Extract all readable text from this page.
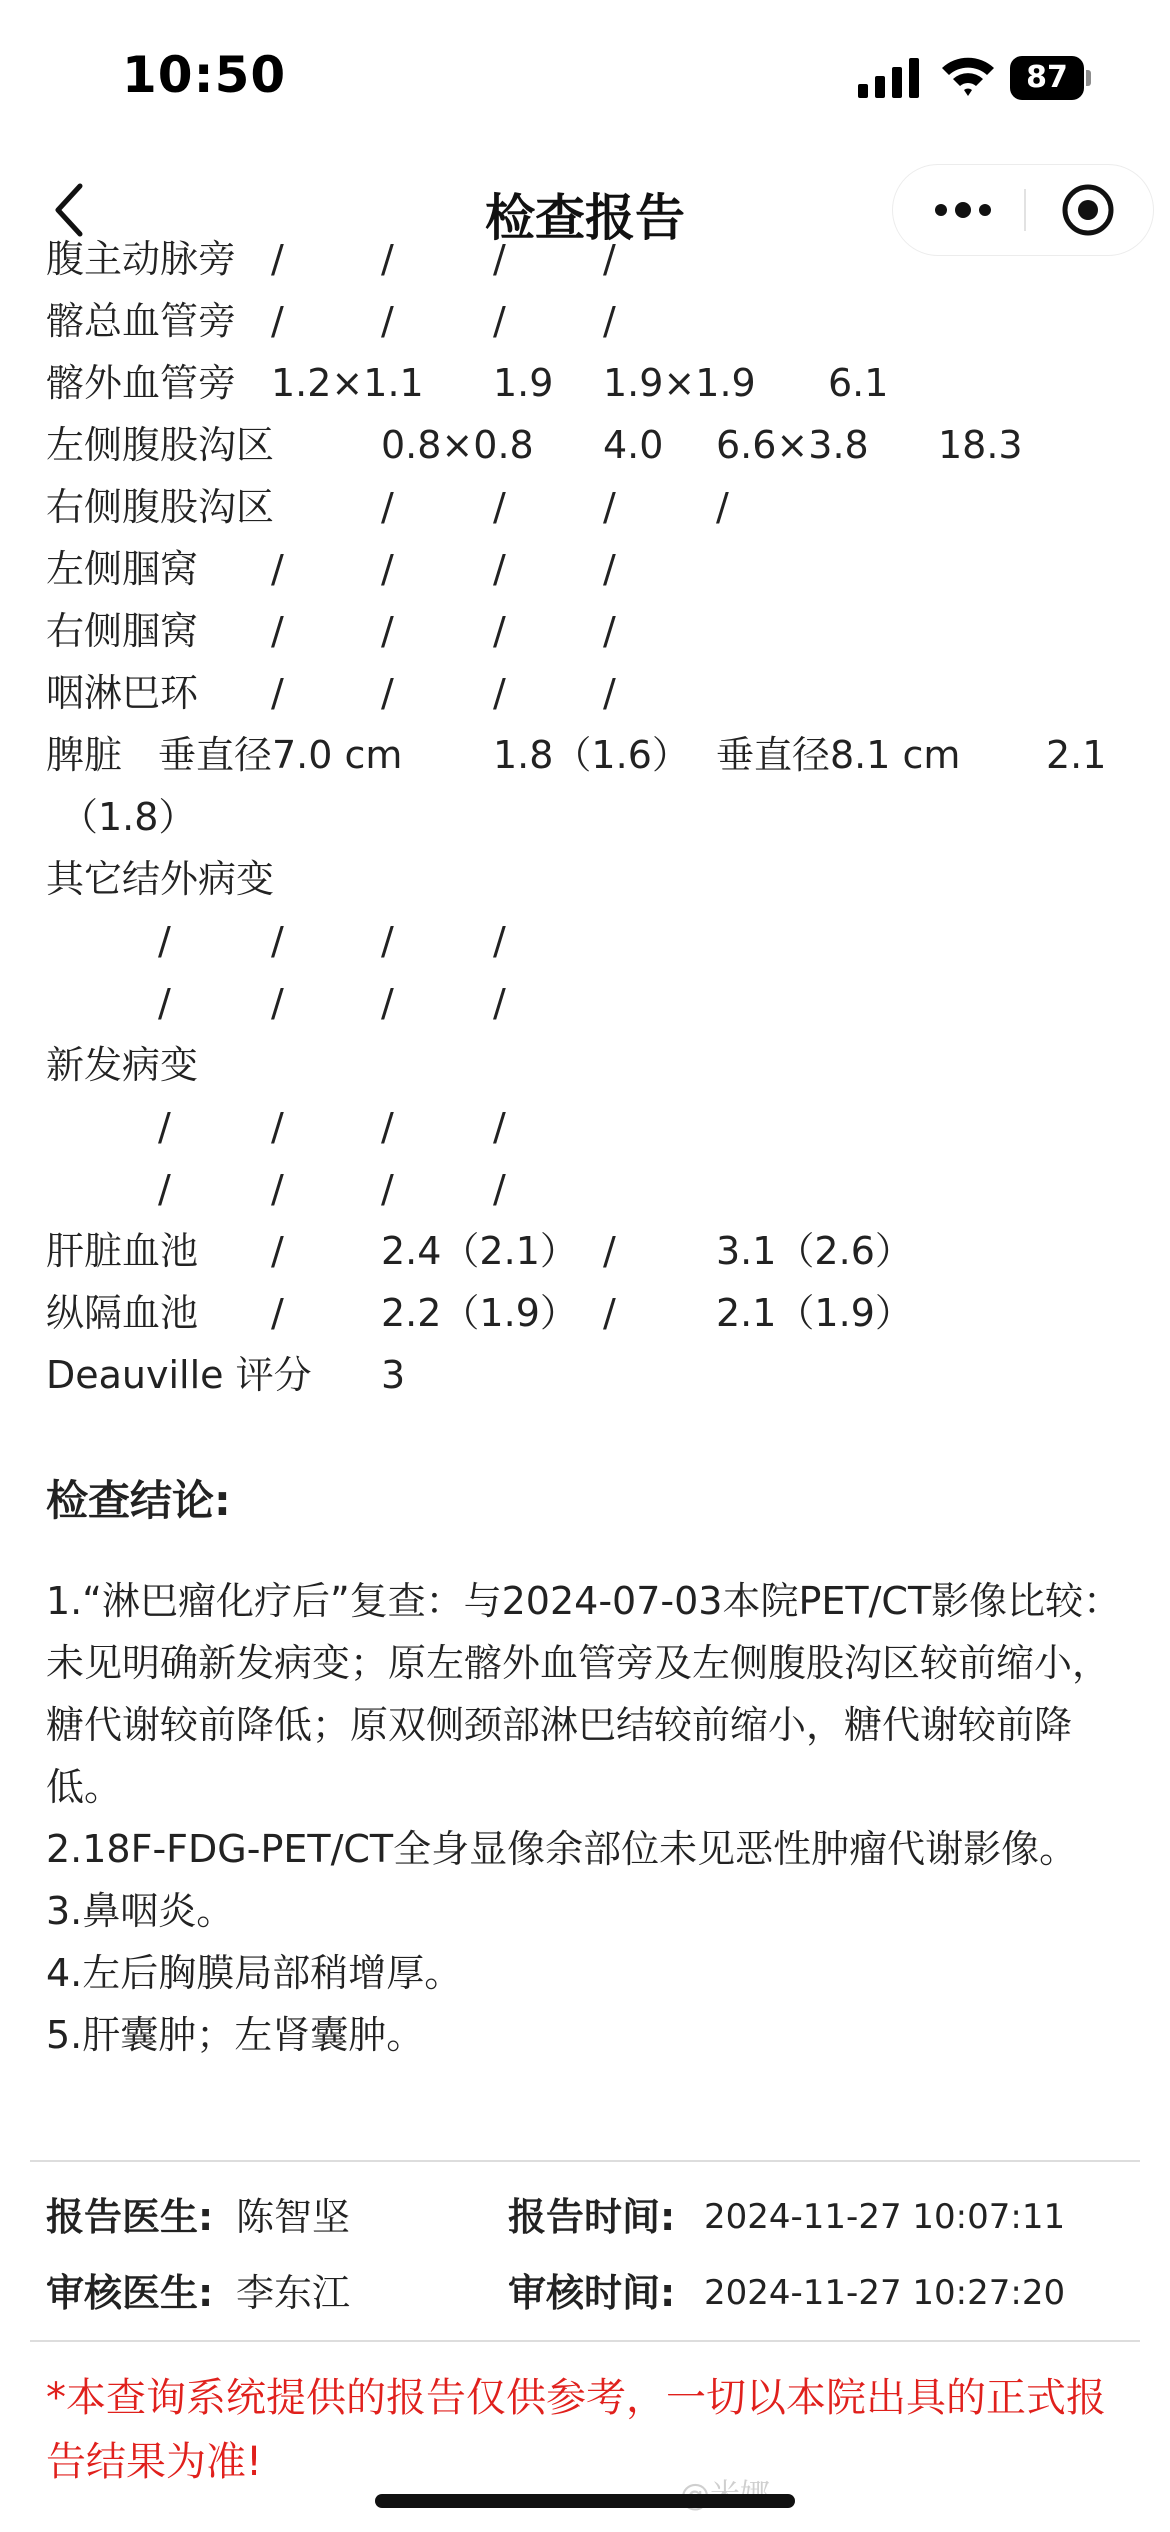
10:50	87
检查报告
腹主动脉旁 /	/	/	/
髂总血管旁 /	/	/	/
髂外血管旁 1.2×1.1 1.9 1.9×1.9 6.1
左侧腹股沟区	0.8×0.8 4.0 6.6×3.8 18.3
右侧腹股沟区	/	/	/	/
左侧腘窝 /	/	/	/
右侧腘窝 /	/	/	/
咽淋巴环 /	/	/	/
脾脏 垂直径7.0 cm 1.8（1.6） 垂直径8.1 cm 2.1
（1.8）
其它结外病变
/	/	/	/
/	/	/	/
新发病变
/	/	/	/
/	/	/	/
肝脏血池 /	2.4（2.1） /	3.1（2.6）
纵隔血池 /	2.2（1.9） /	2.1（1.9）
Deauville 评分 3
检查结论:

1.“淋巴瘤化疗后”复查：与2024-07-03本院PET/CT影像比较：未见明确新发病变；原左髂外血管旁及左侧腹股沟区较前缩小，糖代谢较前降低；原双侧颈部淋巴结较前缩小，糖代谢较前降低。

2.18F-FDG-PET/CT全身显像余部位未见恶性肿瘤代谢影像。

3.鼻咽炎。

4.左后胸膜局部稍增厚。

5.肝囊肿；左肾囊肿。

报告医生: 陈智坚	报告时间: 2024-11-27 10:07:11
审核医生: 李东江	审核时间: 2024-11-27 10:27:20
*本查询系统提供的报告仅供参考，一切以本院出具的正式报告结果为准!
